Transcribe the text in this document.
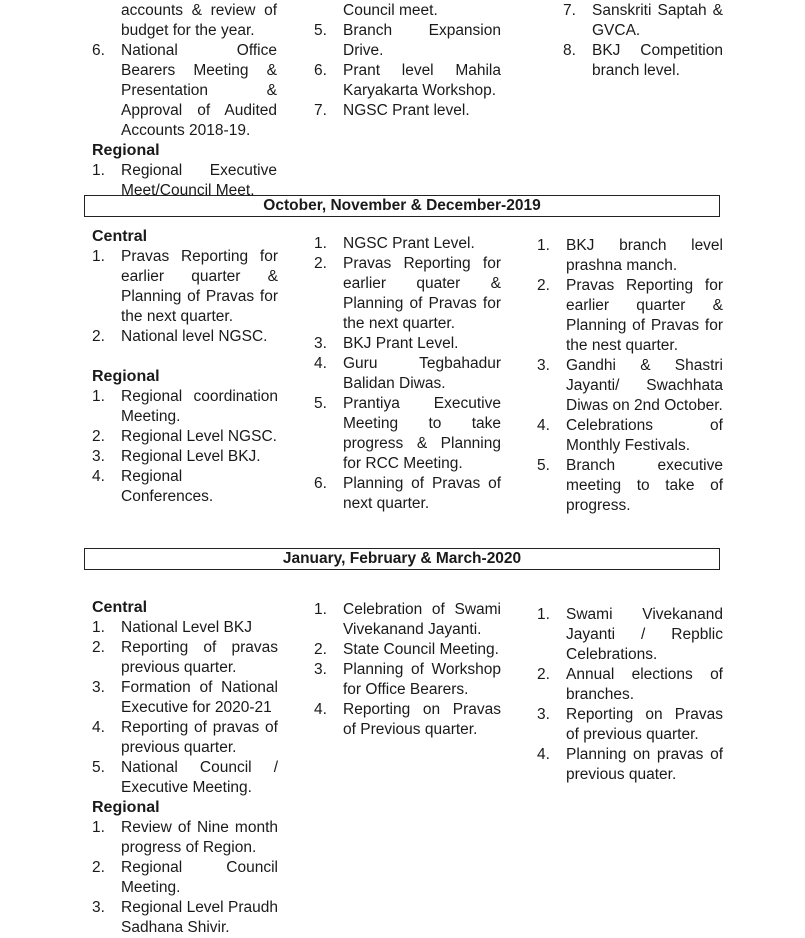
accounts & review of budget for the year.
6.	National Office Bearers Meeting & Presentation & Approval of Audited Accounts 2018-19.
Regional
1.	Regional Executive Meet/Council Meet.
Council meet.
5.	Branch Expansion Drive.
6.	Prant level Mahila Karyakarta Workshop.
7.	NGSC Prant level.
7.	Sanskriti Saptah & GVCA.
8.	BKJ Competition branch level.
October, November & December-2019
Central
1.	Pravas Reporting for earlier quarter & Planning of Pravas for the next quarter.
2.	National level NGSC.
Regional
1.	Regional coordination Meeting.
2.	Regional Level NGSC.
3.	Regional Level BKJ.
4.	Regional Conferences.
1.	NGSC Prant Level.
2.	Pravas Reporting for earlier quater & Planning of Pravas for the next quarter.
3.	BKJ Prant Level.
4.	Guru Tegbahadur Balidan Diwas.
5.	Prantiya Executive Meeting to take progress & Planning for RCC Meeting.
6.	Planning of Pravas of next quarter.
1.	BKJ branch level prashna manch.
2.	Pravas Reporting for earlier quarter & Planning of Pravas for the nest quarter.
3.	Gandhi & Shastri Jayanti/ Swachhata Diwas on 2nd October.
4.	Celebrations of Monthly Festivals.
5.	Branch executive meeting to take of progress.
January, February & March-2020
Central
1.	National Level BKJ
2.	Reporting of pravas previous quarter.
3.	Formation of National Executive for 2020-21
4.	Reporting of pravas of previous quarter.
5.	National Council / Executive Meeting.
Regional
1.	Review of Nine month progress of Region.
2.	Regional Council Meeting.
3.	Regional Level Praudh Sadhana Shivir.
1.	Celebration of Swami Vivekanand Jayanti.
2.	State Council Meeting.
3.	Planning of Workshop for Office Bearers.
4.	Reporting on Pravas of Previous quarter.
1.	Swami Vivekanand Jayanti / Repblic Celebrations.
2.	Annual elections of branches.
3.	Reporting on Pravas of previous quarter.
4.	Planning on pravas of previous quater.
